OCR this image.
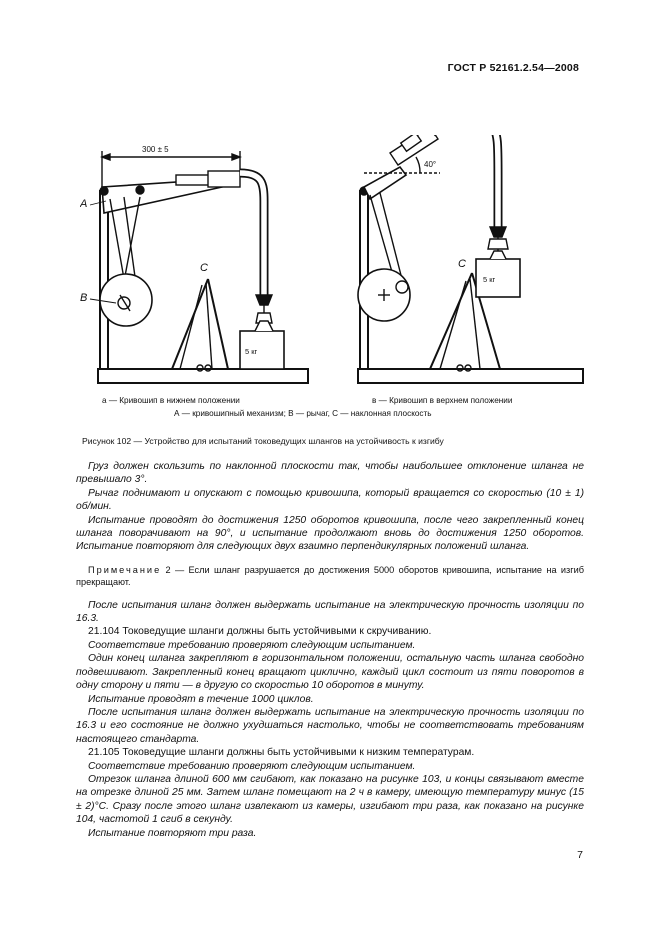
ГОСТ Р 52161.2.54—2008
300 ± 5
A
B
C	C
40°
5 кг
5 кг
а — Кривошип в нижнем положении	в — Кривошип в верхнем положении
А — кривошипный механизм; В — рычаг, С — наклонная плоскость
Рисунок 102 — Устройство для испытаний токоведущих шлангов на устойчивость к изгибу

Груз должен скользить по наклонной плоскости так, чтобы наибольшее отклонение шланга не превышало 3°.

Рычаг поднимают и опускают с помощью кривошипа, который вращается со скоростью (10 ± 1) об/мин.

Испытание проводят до достижения 1250 оборотов кривошипа, после чего закрепленный конец шланга поворачивают на 90°, и испытание продолжают вновь до достижения 1250 оборотов. Испытание повторяют для следующих двух взаимно перпендикулярных положений шланга.

Примечание 2 — Если шланг разрушается до достижения 5000 оборотов кривошипа, испытание на изгиб прекращают.

После испытания шланг должен выдержать испытание на электрическую прочность изоляции по 16.3.

21.104 Токоведущие шланги должны быть устойчивыми к скручиванию.

Соответствие требованию проверяют следующим испытанием.

Один конец шланга закрепляют в горизонтальном положении, остальную часть шланга свободно подвешивают. Закрепленный конец вращают циклично, каждый цикл состоит из пяти поворотов в одну сторону и пяти — в другую со скоростью 10 оборотов в минуту.

Испытание проводят в течение 1000 циклов.

После испытания шланг должен выдержать испытание на электрическую прочность изоляции по 16.3 и его состояние не должно ухудшаться настолько, чтобы не соответствовать требованиям настоящего стандарта.

21.105 Токоведущие шланги должны быть устойчивыми к низким температурам.

Соответствие требованию проверяют следующим испытанием.

Отрезок шланга длиной 600 мм сгибают, как показано на рисунке 103, и концы связывают вместе на отрезке длиной 25 мм. Затем шланг помещают на 2 ч в камеру, имеющую температуру минус (15 ± 2)°С. Сразу после этого шланг извлекают из камеры, изгибают три раза, как показано на рисунке 104, частотой 1 сгиб в секунду.

Испытание повторяют три раза.

7
